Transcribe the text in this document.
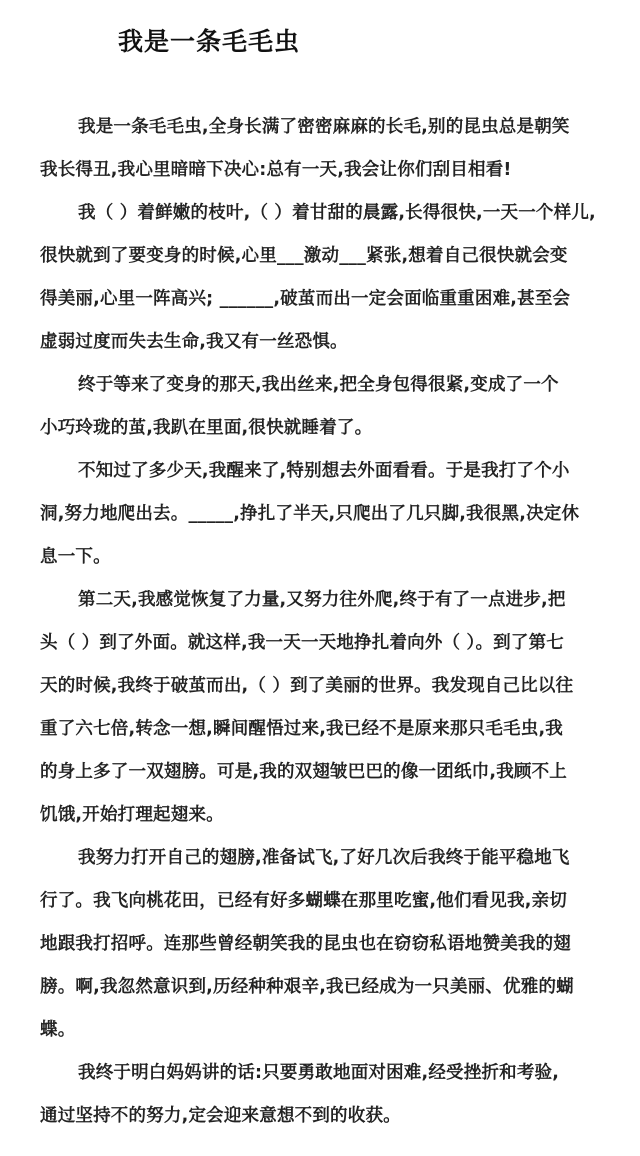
我是一条毛毛虫
我是一条毛毛虫,全身长满了密密麻麻的长毛,别的昆虫总是朝笑
我长得丑,我心里暗暗下决心:总有一天,我会让你们刮目相看!
我（ ）着鲜嫩的枝叶,（ ）着甘甜的晨露,长得很快,一天一个样儿,
很快就到了要变身的时候,心里___激动___紧张,想着自己很快就会变
得美丽,心里一阵高兴; ______,破茧而出一定会面临重重困难,甚至会
虚弱过度而失去生命,我又有一丝恐惧。
终于等来了变身的那天,我出丝来,把全身包得很紧,变成了一个
小巧玲珑的茧,我趴在里面,很快就睡着了。
不知过了多少天,我醒来了,特别想去外面看看。于是我打了个小
洞,努力地爬出去。_____,挣扎了半天,只爬出了几只脚,我很黑,决定休
息一下。
第二天,我感觉恢复了力量,又努力往外爬,终于有了一点进步,把
头（ ）到了外面。就这样,我一天一天地挣扎着向外（ ）。到了第七
天的时候,我终于破茧而出,（ ）到了美丽的世界。我发现自己比以往
重了六七倍,转念一想,瞬间醒悟过来,我已经不是原来那只毛毛虫,我
的身上多了一双翅膀。可是,我的双翅皱巴巴的像一团纸巾,我顾不上
饥饿,开始打理起翅来。
我努力打开自己的翅膀,准备试飞,了好几次后我终于能平稳地飞
行了。我飞向桃花田，已经有好多蝴蝶在那里吃蜜,他们看见我,亲切
地跟我打招呼。连那些曾经朝笑我的昆虫也在窃窃私语地赞美我的翅
膀。啊,我忽然意识到,历经种种艰辛,我已经成为一只美丽、优雅的蝴
蝶。
我终于明白妈妈讲的话:只要勇敢地面对困难,经受挫折和考验,
通过坚持不的努力,定会迎来意想不到的收获。
